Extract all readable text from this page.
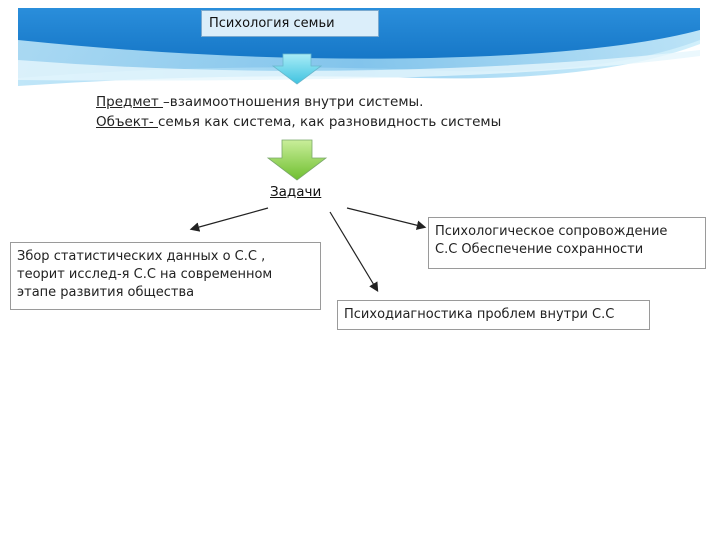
Психология семьи
Предмет –взаимоотношения внутри системы.
Объект- семья как система, как разновидность системы
Задачи
Збор статистических данных о С.С ,
теорит исслед-я С.С на современном
этапе развития общества
Психологическое сопровождение
С.С Обеспечение сохранности
Психодиагностика проблем внутри С.С
